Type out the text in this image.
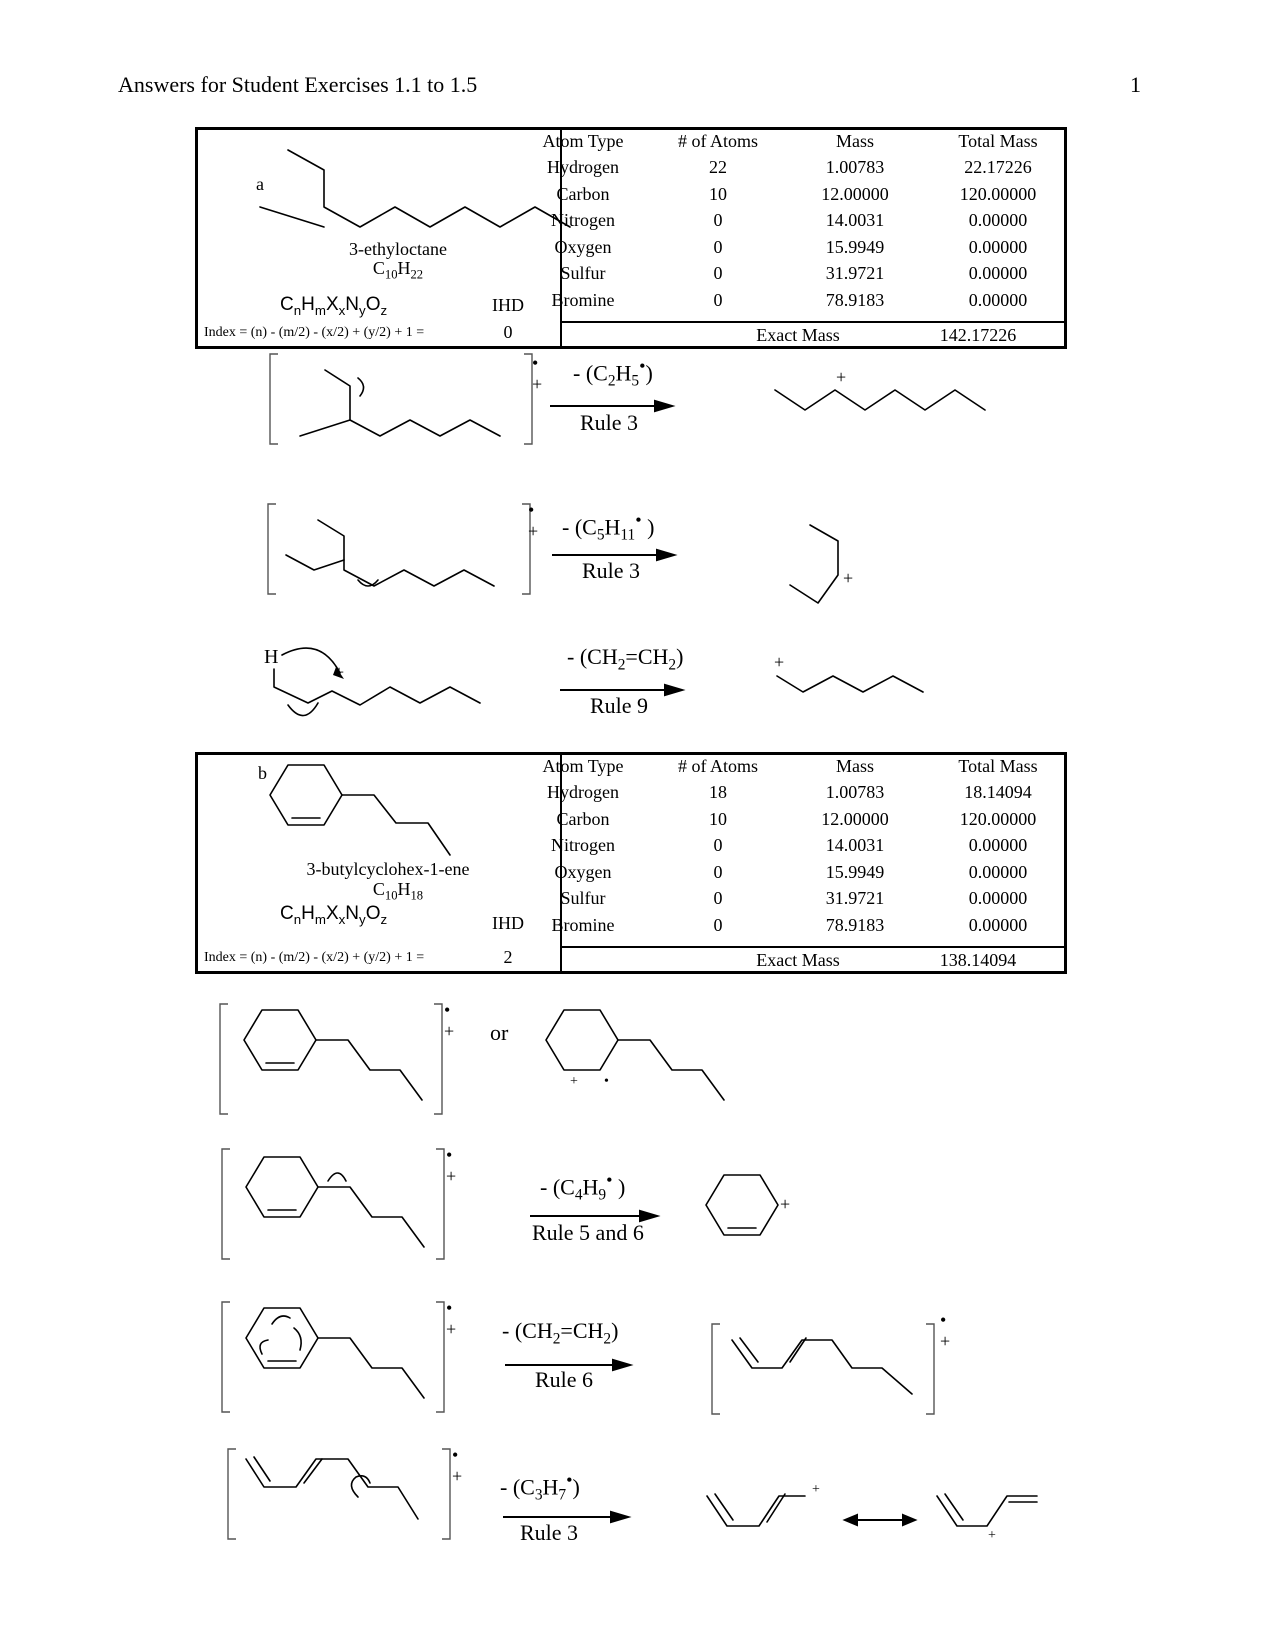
Answers for Student Exercises 1.1 to 1.5	1
a
3-ethyloctane
$C_{10}H_{22}$
$C_nH_mX_xN_yO_z$	IHD
Index = (n) - (m/2) - (x/2) + (y/2) + 1 =	0
Atom Type	# of Atoms	Mass	Total Mass
Hydrogen	22	1.00783	22.17226
Carbon	10	12.00000	120.00000
Nitrogen	0	14.0031	0.00000
Oxygen	0	15.9949	0.00000
Sulfur	0	31.9721	0.00000
Bromine	0	78.9183	0.00000
Exact Mass	142.17226
•
+ - $(C_2H_5^•)$
Rule 3
+
•
+ - ($C_5H_{11}^•$ )
Rule 3	+
H
+
- $(CH_2=CH_2)$
Rule 9
+
b
3-butylcyclohex-1-ene
$C_{10}H_{18}$
$C_nH_mX_xN_yO_z$	IHD
Index = (n) - (m/2) - (x/2) + (y/2) + 1 =	2
Atom Type	# of Atoms	Mass	Total Mass
Hydrogen	18	1.00783	18.14094
Carbon	10	12.00000	120.00000
Nitrogen	0	14.0031	0.00000
Oxygen	0	15.9949	0.00000
Sulfur	0	31.9721	0.00000
Bromine	0	78.9183	0.00000
Exact Mass	138.14094
•
+ or
+ •
•
+	- ($C_4H_9^•$ )
Rule 5 and 6
+
•
+ - $(CH_2=CH_2)$
Rule 6
•
+
•
+ - $(C_3H_7^•)$
Rule 3
+
+
